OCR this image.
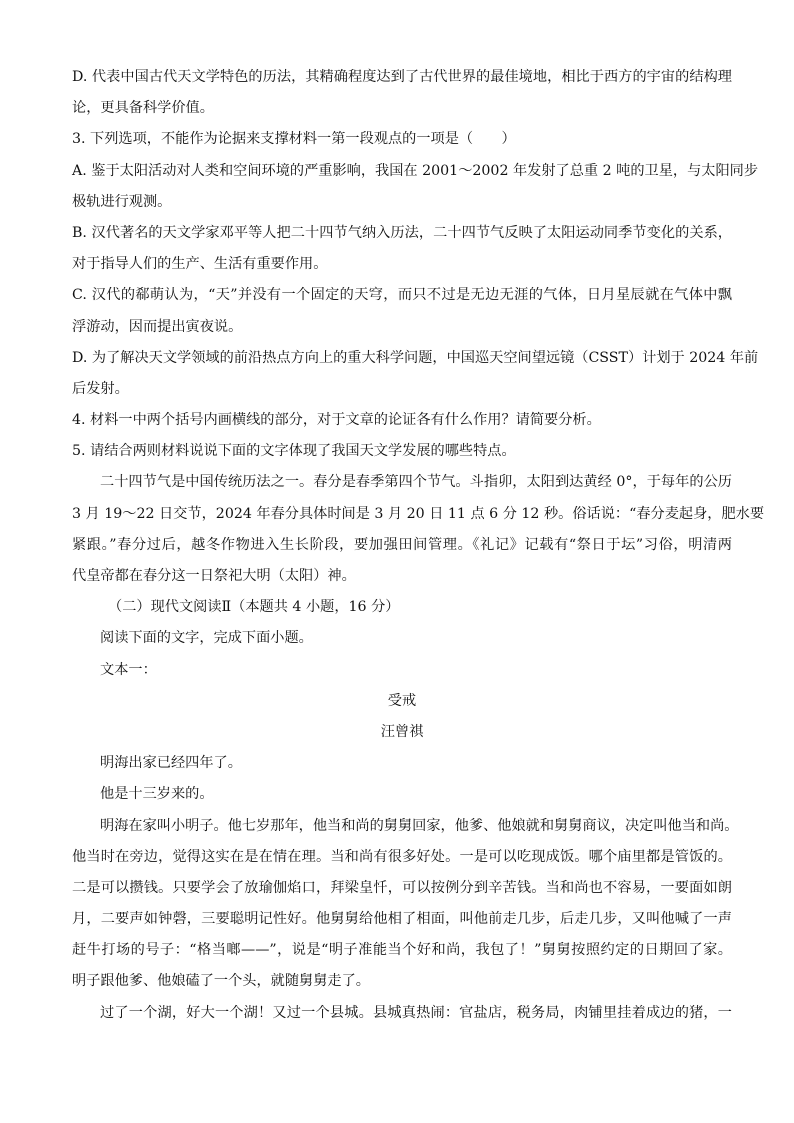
D. 代表中国古代天文学特色的历法，其精确程度达到了古代世界的最佳境地，相比于西方的宇宙的结构理
论，更具备科学价值。
3. 下列选项，不能作为论据来支撑材料一第一段观点的一项是（　　）
A. 鉴于太阳活动对人类和空间环境的严重影响，我国在 2001～2002 年发射了总重 2 吨的卫星，与太阳同步
极轨进行观测。
B. 汉代著名的天文学家邓平等人把二十四节气纳入历法，二十四节气反映了太阳运动同季节变化的关系，
对于指导人们的生产、生活有重要作用。
C. 汉代的郗萌认为，“天”并没有一个固定的天穹，而只不过是无边无涯的气体，日月星辰就在气体中飘
浮游动，因而提出寅夜说。
D. 为了解决天文学领域的前沿热点方向上的重大科学问题，中国巡天空间望远镜（CSST）计划于 2024 年前
后发射。
4. 材料一中两个括号内画横线的部分，对于文章的论证各有什么作用？请简要分析。
5. 请结合两则材料说说下面的文字体现了我国天文学发展的哪些特点。
二十四节气是中国传统历法之一。春分是春季第四个节气。斗指卯，太阳到达黄经 0°，于每年的公历
3 月 19～22 日交节，2024 年春分具体时间是 3 月 20 日 11 点 6 分 12 秒。俗话说：“春分麦起身，肥水要
紧跟。”春分过后，越冬作物进入生长阶段，要加强田间管理。《礼记》记载有“祭日于坛”习俗，明清两
代皇帝都在春分这一日祭祀大明（太阳）神。
（二）现代文阅读Ⅱ（本题共 4 小题，16 分）
阅读下面的文字，完成下面小题。
文本一：
受戒
汪曾祺
明海出家已经四年了。
他是十三岁来的。
明海在家叫小明子。他七岁那年，他当和尚的舅舅回家，他爹、他娘就和舅舅商议，决定叫他当和尚。
他当时在旁边，觉得这实在是在情在理。当和尚有很多好处。一是可以吃现成饭。哪个庙里都是管饭的。
二是可以攒钱。只要学会了放瑜伽焰口，拜梁皇忏，可以按例分到辛苦钱。当和尚也不容易，一要面如朗
月，二要声如钟磬，三要聪明记性好。他舅舅给他相了相面，叫他前走几步，后走几步，又叫他喊了一声
赶牛打场的号子：“格当啷——”，说是“明子准能当个好和尚，我包了！”舅舅按照约定的日期回了家。
明子跟他爹、他娘磕了一个头，就随舅舅走了。
过了一个湖，好大一个湖！又过一个县城。县城真热闹：官盐店，税务局，肉铺里挂着成边的猪，一
